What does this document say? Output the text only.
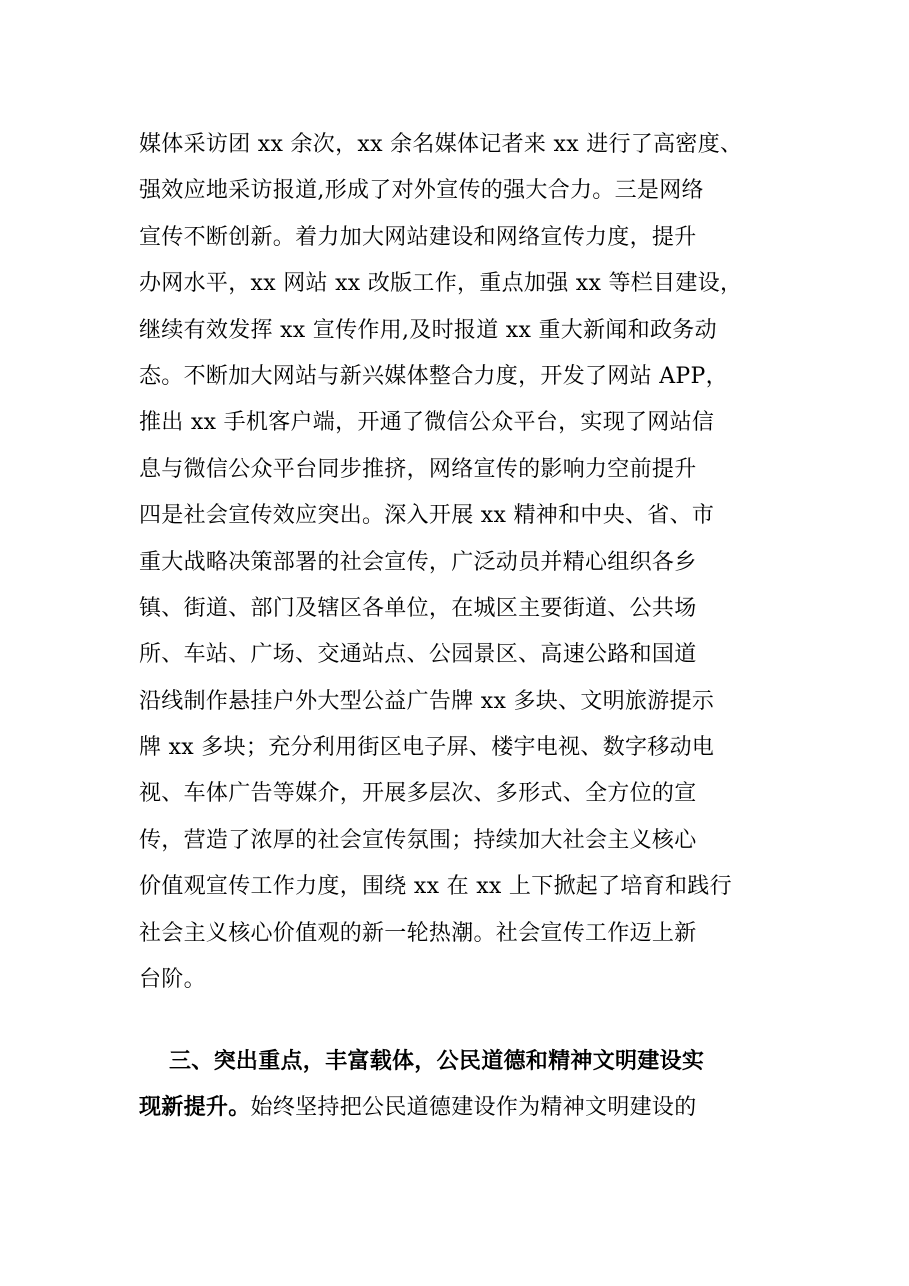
媒体采访团 xx 余次，xx 余名媒体记者来 xx 进行了高密度、
强效应地采访报道,形成了对外宣传的强大合力。三是网络
宣传不断创新。着力加大网站建设和网络宣传力度，提升
办网水平，xx 网站 xx 改版工作，重点加强 xx 等栏目建设，
继续有效发挥 xx 宣传作用,及时报道 xx 重大新闻和政务动
态。不断加大网站与新兴媒体整合力度，开发了网站 APP，
推出 xx 手机客户端，开通了微信公众平台，实现了网站信
息与微信公众平台同步推挤，网络宣传的影响力空前提升
四是社会宣传效应突出。深入开展 xx 精神和中央、省、市
重大战略决策部署的社会宣传，广泛动员并精心组织各乡
镇、街道、部门及辖区各单位，在城区主要街道、公共场
所、车站、广场、交通站点、公园景区、高速公路和国道
沿线制作悬挂户外大型公益广告牌 xx 多块、文明旅游提示
牌 xx 多块；充分利用街区电子屏、楼宇电视、数字移动电
视、车体广告等媒介，开展多层次、多形式、全方位的宣
传，营造了浓厚的社会宣传氛围；持续加大社会主义核心
价值观宣传工作力度，围绕 xx 在 xx 上下掀起了培育和践行
社会主义核心价值观的新一轮热潮。社会宣传工作迈上新
台阶。
三、突出重点，丰富载体，公民道德和精神文明建设实
现新提升。始终坚持把公民道德建设作为精神文明建设的
